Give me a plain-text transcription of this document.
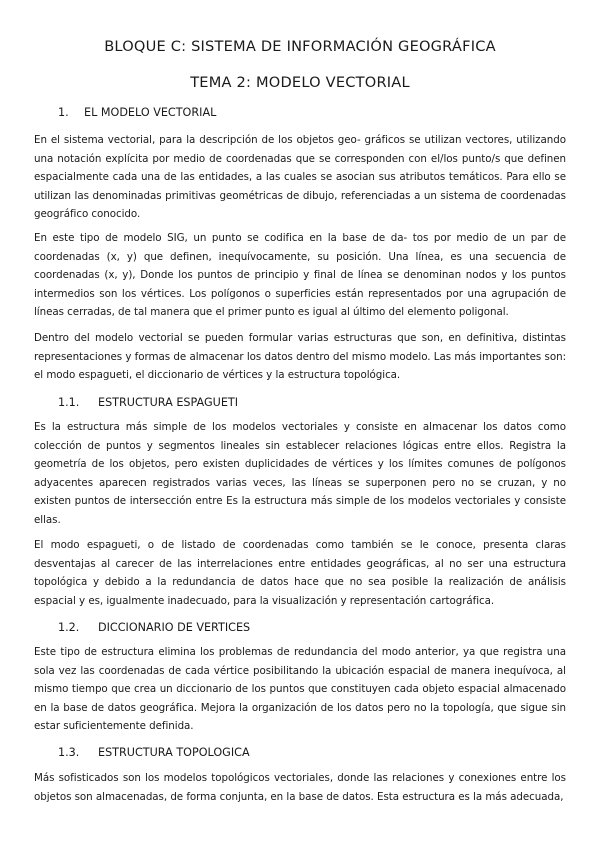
BLOQUE C: SISTEMA DE INFORMACIÓN GEOGRÁFICA
TEMA 2: MODELO VECTORIAL
1. EL MODELO VECTORIAL

En el sistema vectorial, para la descripción de los objetos geo- gráficos se utilizan vectores, utilizando una notación explícita por medio de coordenadas que se corresponden con el/los punto/s que definen espacialmente cada una de las entidades, a las cuales se asocian sus atributos temáticos. Para ello se utilizan las denominadas primitivas geométricas de dibujo, referenciadas a un sistema de coordenadas geográfico conocido.

En este tipo de modelo SIG, un punto se codifica en la base de da- tos por medio de un par de coordenadas (x, y) que definen, inequívocamente, su posición. Una línea, es una secuencia de coordenadas (x, y), Donde los puntos de principio y final de línea se denominan nodos y los puntos intermedios son los vértices. Los polígonos o superficies están representados por una agrupación de líneas cerradas, de tal manera que el primer punto es igual al último del elemento poligonal.

Dentro del modelo vectorial se pueden formular varias estructuras que son, en definitiva, distintas representaciones y formas de almacenar los datos dentro del mismo modelo. Las más importantes son: el modo espagueti, el diccionario de vértices y la estructura topológica.

1.1. ESTRUCTURA ESPAGUETI

Es la estructura más simple de los modelos vectoriales y consiste en almacenar los datos como colección de puntos y segmentos lineales sin establecer relaciones lógicas entre ellos. Registra la geometría de los objetos, pero existen duplicidades de vértices y los límites comunes de polígonos adyacentes aparecen registrados varias veces, las líneas se superponen pero no se cruzan, y no existen puntos de intersección entre Es la estructura más simple de los modelos vectoriales y consiste ellas.

El modo espagueti, o de listado de coordenadas como también se le conoce, presenta claras desventajas al carecer de las interrelaciones entre entidades geográficas, al no ser una estructura topológica y debido a la redundancia de datos hace que no sea posible la realización de análisis espacial y es, igualmente inadecuado, para la visualización y representación cartográfica.

1.2. DICCIONARIO DE VERTICES

Este tipo de estructura elimina los problemas de redundancia del modo anterior, ya que registra una sola vez las coordenadas de cada vértice posibilitando la ubicación espacial de manera inequívoca, al mismo tiempo que crea un diccionario de los puntos que constituyen cada objeto espacial almacenado en la base de datos geográfica. Mejora la organización de los datos pero no la topología, que sigue sin estar suficientemente definida.

1.3. ESTRUCTURA TOPOLOGICA

Más sofisticados son los modelos topológicos vectoriales, donde las relaciones y conexiones entre los objetos son almacenadas, de forma conjunta, en la base de datos. Esta estructura es la más adecuada,
